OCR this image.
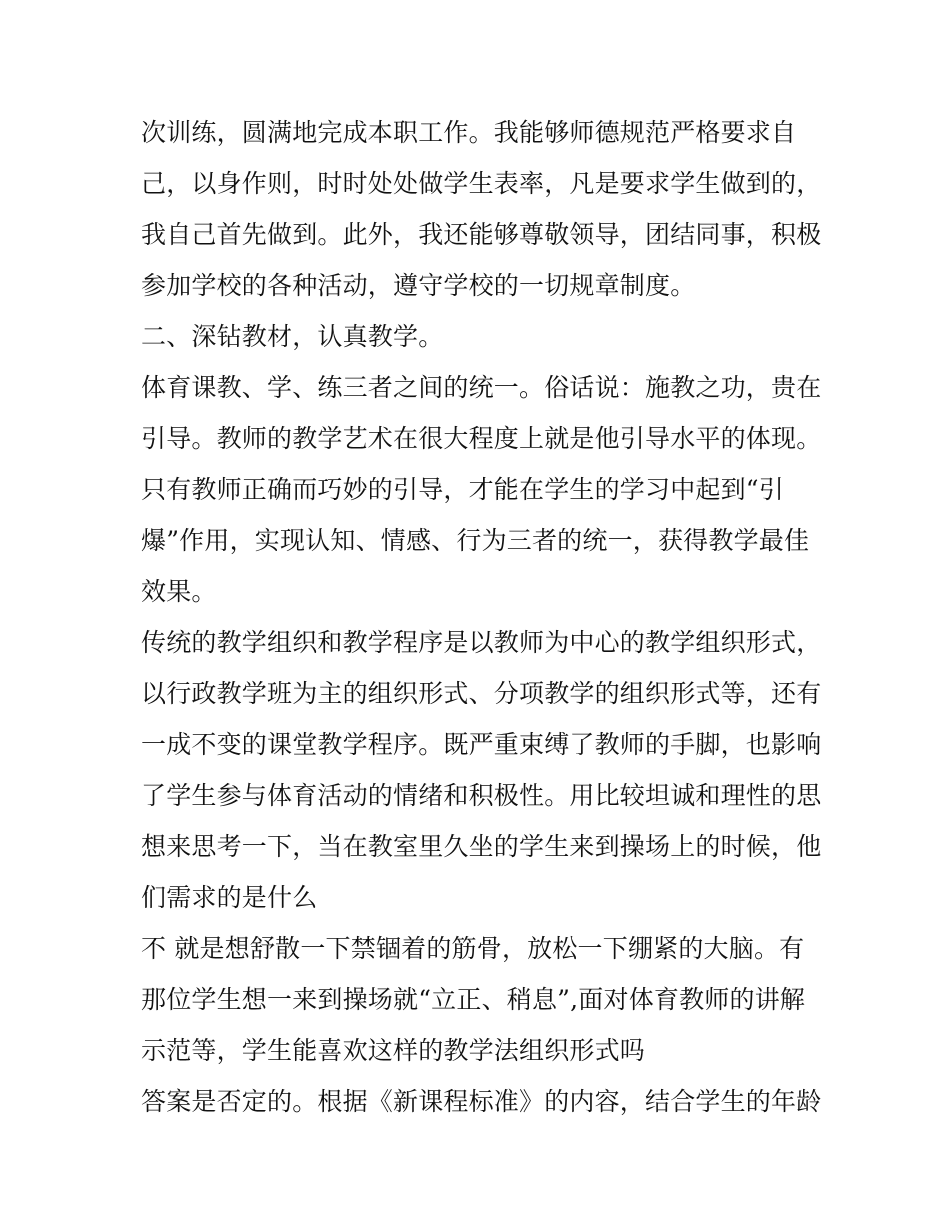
次训练，圆满地完成本职工作。我能够师德规范严格要求自
己，以身作则，时时处处做学生表率，凡是要求学生做到的，
我自己首先做到。此外，我还能够尊敬领导，团结同事，积极
参加学校的各种活动，遵守学校的一切规章制度。
二、深钻教材，认真教学。
体育课教、学、练三者之间的统一。俗话说：施教之功，贵在
引导。教师的教学艺术在很大程度上就是他引导水平的体现。
只有教师正确而巧妙的引导，才能在学生的学习中起到“引
爆”作用，实现认知、情感、行为三者的统一，获得教学最佳
效果。
传统的教学组织和教学程序是以教师为中心的教学组织形式，
以行政教学班为主的组织形式、分项教学的组织形式等，还有
一成不变的课堂教学程序。既严重束缚了教师的手脚，也影响
了学生参与体育活动的情绪和积极性。用比较坦诚和理性的思
想来思考一下，当在教室里久坐的学生来到操场上的时候，他
们需求的是什么
不 就是想舒散一下禁锢着的筋骨，放松一下绷紧的大脑。有
那位学生想一来到操场就“立正、稍息”,面对体育教师的讲解
示范等，学生能喜欢这样的教学法组织形式吗
答案是否定的。根据《新课程标准》的内容，结合学生的年龄
